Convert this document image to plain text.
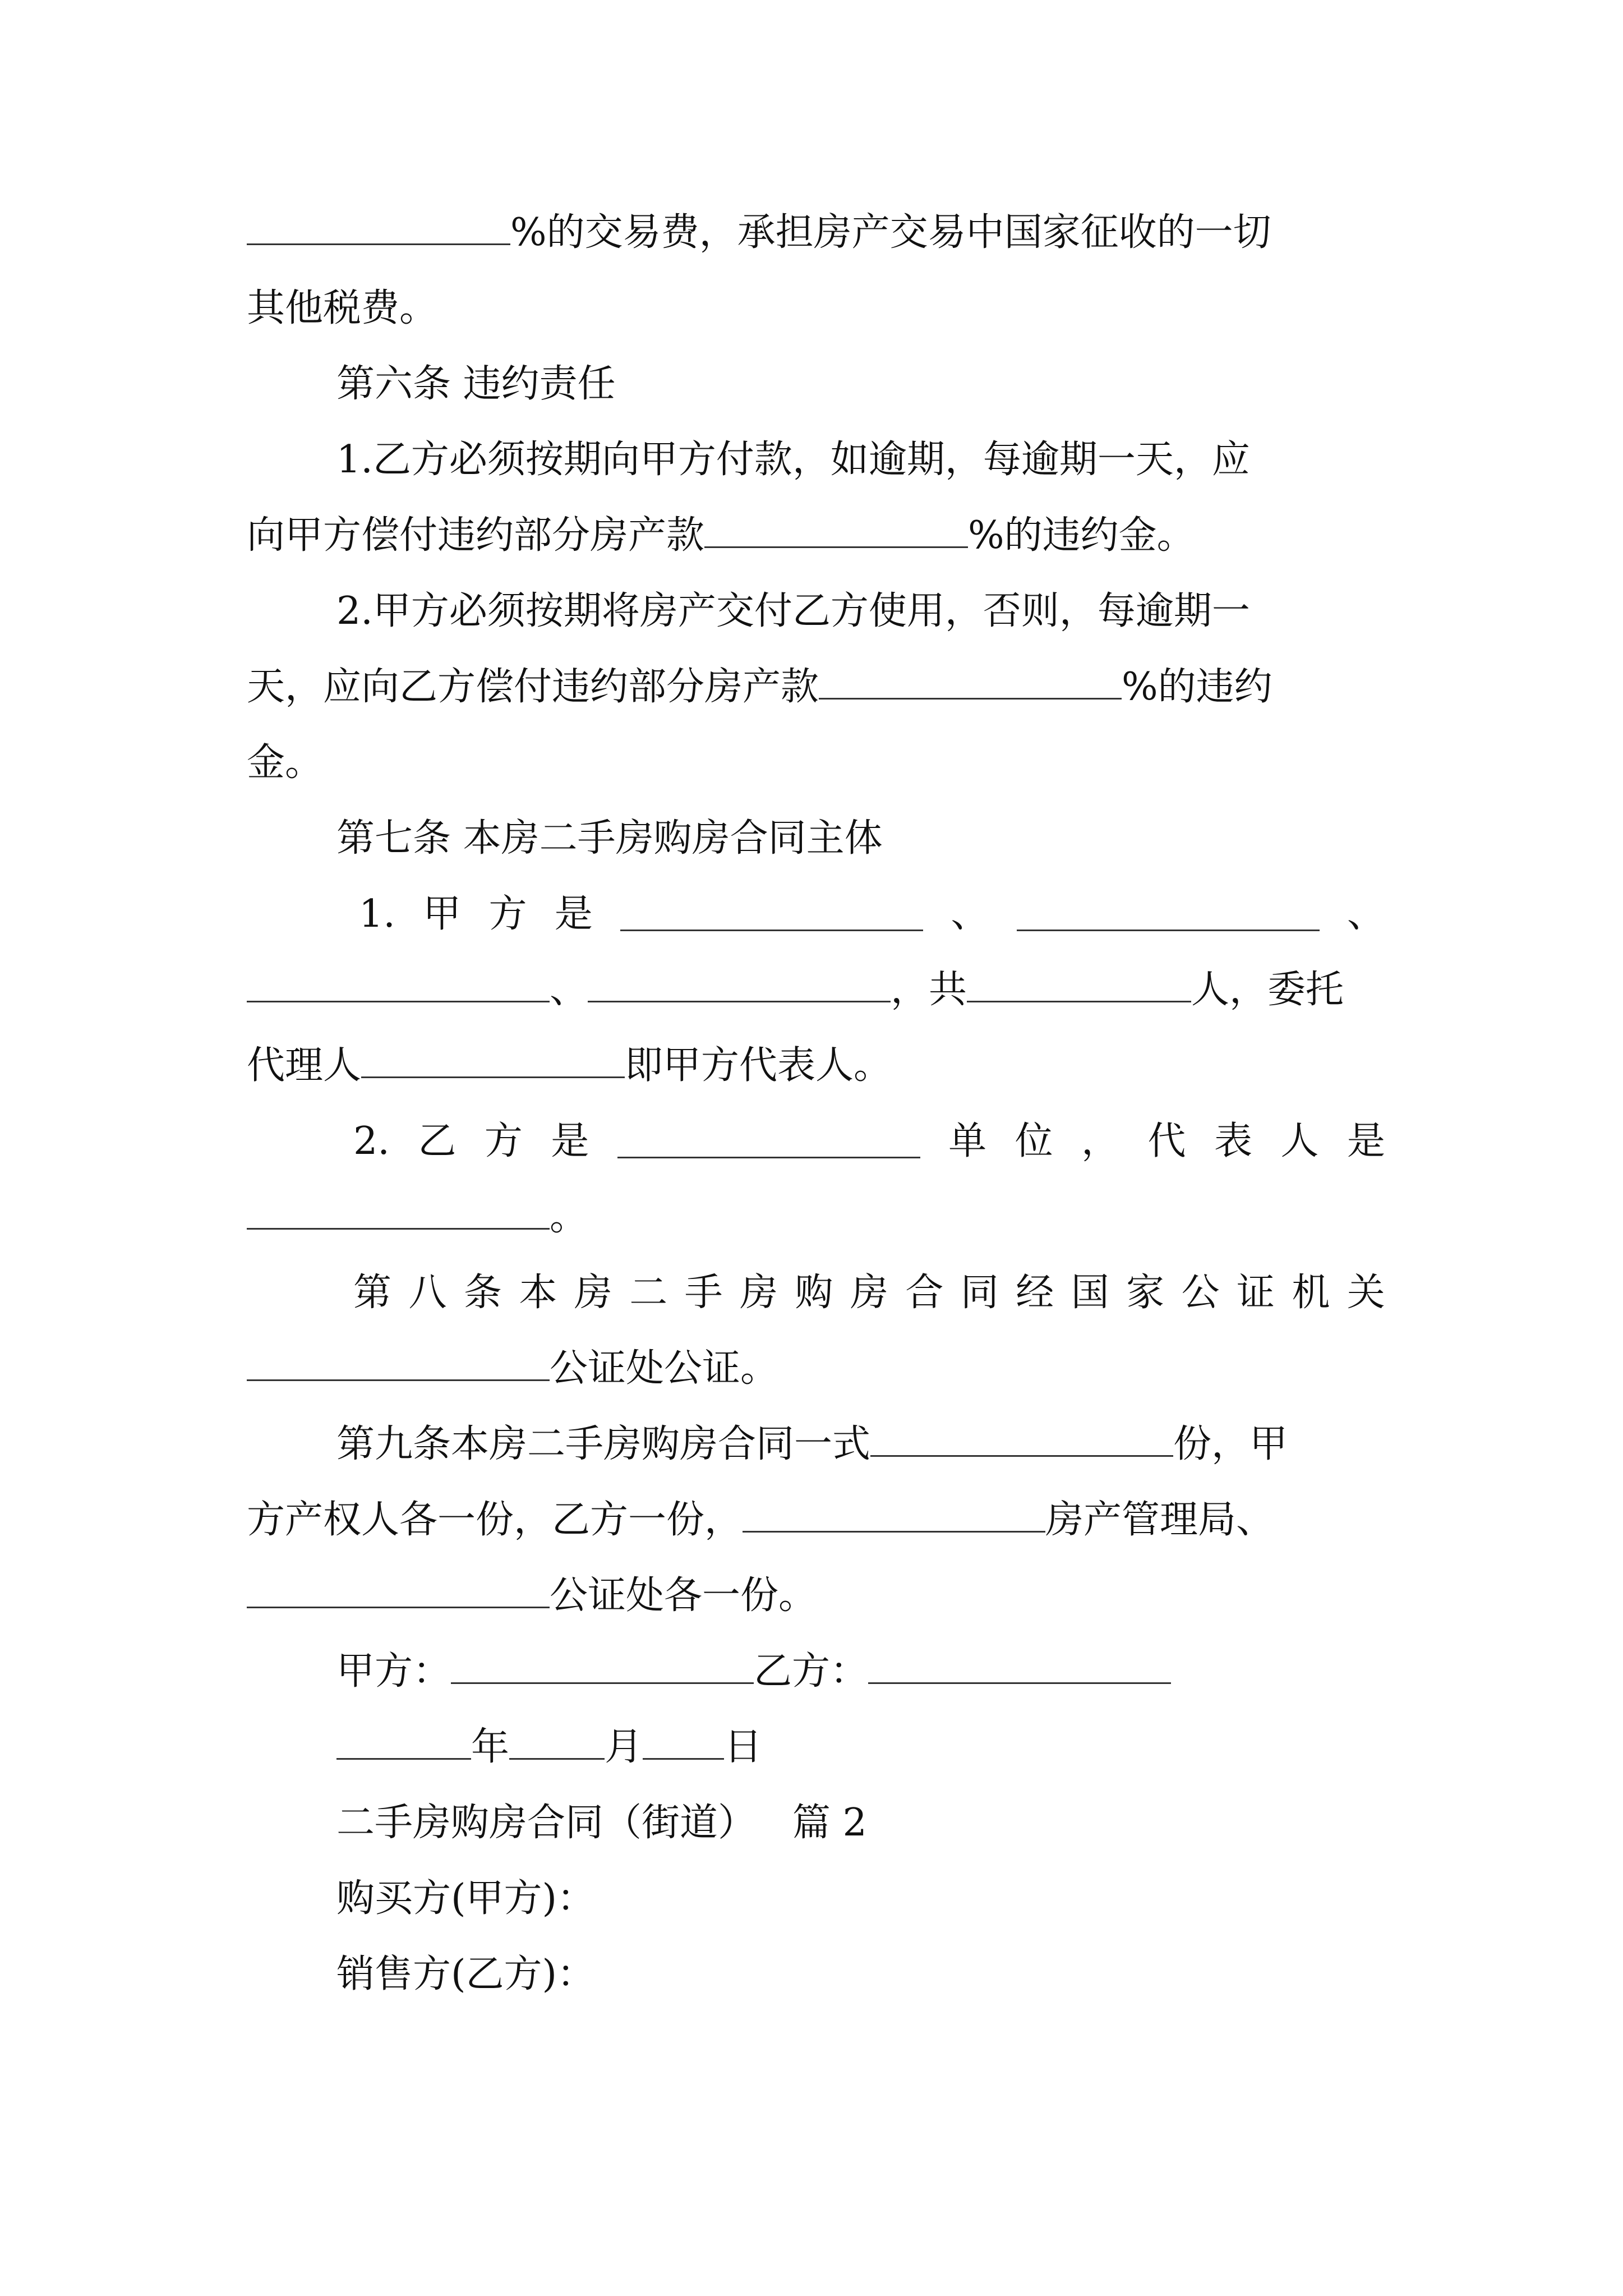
%的交易费，承担房产交易中国家征收的一切
其他税费。
第六条 违约责任
1.乙方必须按期向甲方付款，如逾期，每逾期一天，应
向甲方偿付违约部分房产款	%的违约金。
2.甲方必须按期将房产交付乙方使用，否则，每逾期一
天，应向乙方偿付违约部分房产款	%的违约
金。
第七条 本房二手房购房合同主体
1. 甲 方 是	、	、
、	，共	人，委托
代理人	即甲方代表人。
2. 乙 方 是	单 位 ， 代 表 人 是
。
第 八 条 本 房 二 手 房 购 房 合 同 经 国 家 公 证 机 关
公证处公证。
第九条本房二手房购房合同一式	份，甲
方产权人各一份，乙方一份，	房产管理局、
公证处各一份。
甲方：	乙方：
年	月 日
二手房购房合同（街道）   篇 2
购买方(甲方)：
销售方(乙方)：
